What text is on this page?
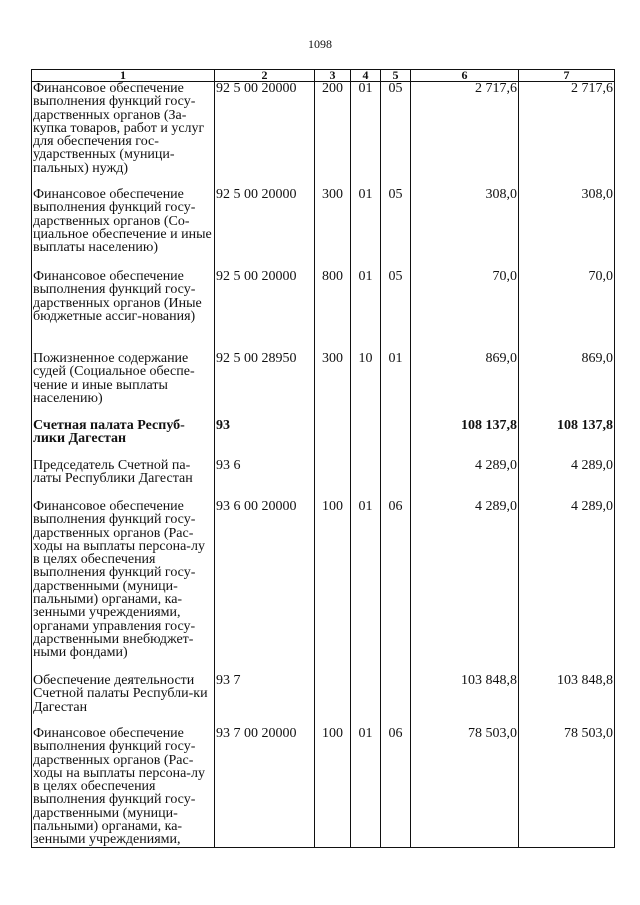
1098
1	2	3	4	5	6	7
Финансовое обеспечение выполнения функций госу-дарственных органов (За-купка товаров, работ и услуг для обеспечения гос-ударственных (муници-пальных) нужд)	92 5 00 20000	200	01	05	2 717,6	2 717,6
Финансовое обеспечение выполнения функций госу-дарственных органов (Со-циальное обеспечение и иные выплаты населению)	92 5 00 20000	300	01	05	308,0	308,0
Финансовое обеспечение выполнения функций госу-дарственных органов (Иные бюджетные ассиг-нования)	92 5 00 20000	800	01	05	70,0	70,0
Пожизненное содержание судей (Социальное обеспе-чение и иные выплаты населению)	92 5 00 28950	300	10	01	869,0	869,0
Счетная палата Респуб-лики Дагестан	93				108 137,8	108 137,8
Председатель Счетной па-латы Республики Дагестан	93 6				4 289,0	4 289,0
Финансовое обеспечение выполнения функций госу-дарственных органов (Рас-ходы на выплаты персона-лу в целях обеспечения выполнения функций госу-дарственными (муници-пальными) органами, ка-зенными учреждениями, органами управления госу-дарственными внебюджет-ными фондами)	93 6 00 20000	100	01	06	4 289,0	4 289,0
Обеспечение деятельности Счетной палаты Республи-ки Дагестан	93 7				103 848,8	103 848,8
Финансовое обеспечение выполнения функций госу-дарственных органов (Рас-ходы на выплаты персона-лу в целях обеспечения выполнения функций госу-дарственными (муници-пальными) органами, ка-зенными учреждениями,	93 7 00 20000	100	01	06	78 503,0	78 503,0
